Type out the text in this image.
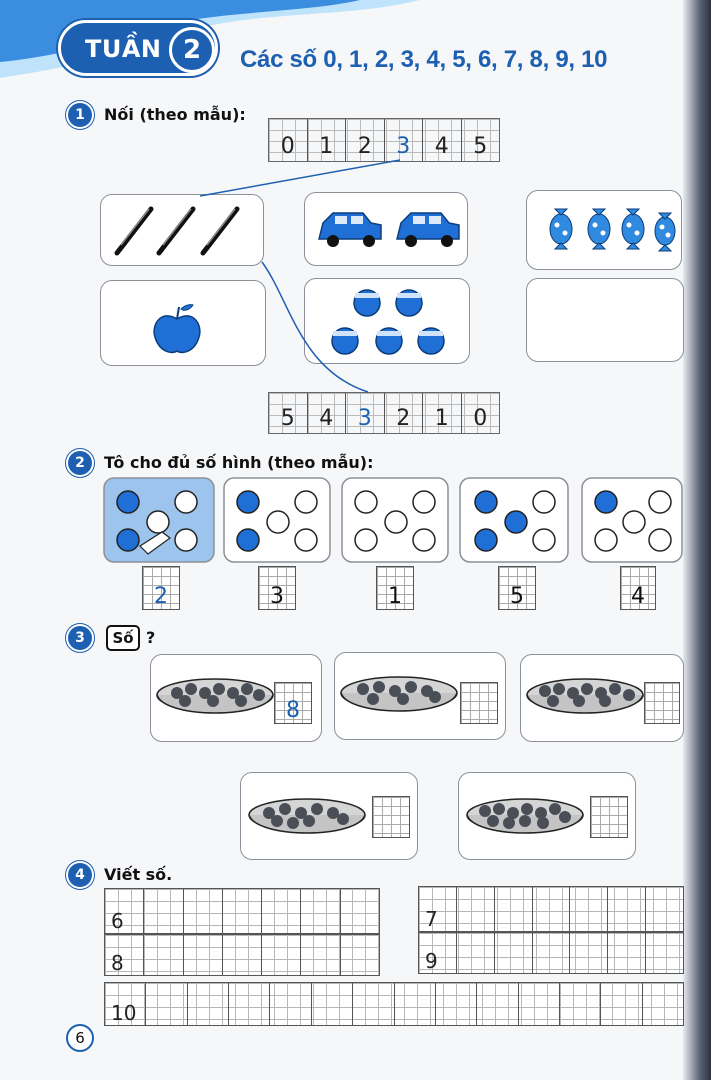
TUẦN 2	Các số 0, 1, 2, 3, 4, 5, 6, 7, 8, 9, 10
1	Nối (theo mẫu):
0	1	2	3	4	5
5	4	3	2	1	0
2	Tô cho đủ số hình (theo mẫu):
2	3	1	5	4
3	Số ?
8
4	Viết số.
6
8
7
9
10
6
